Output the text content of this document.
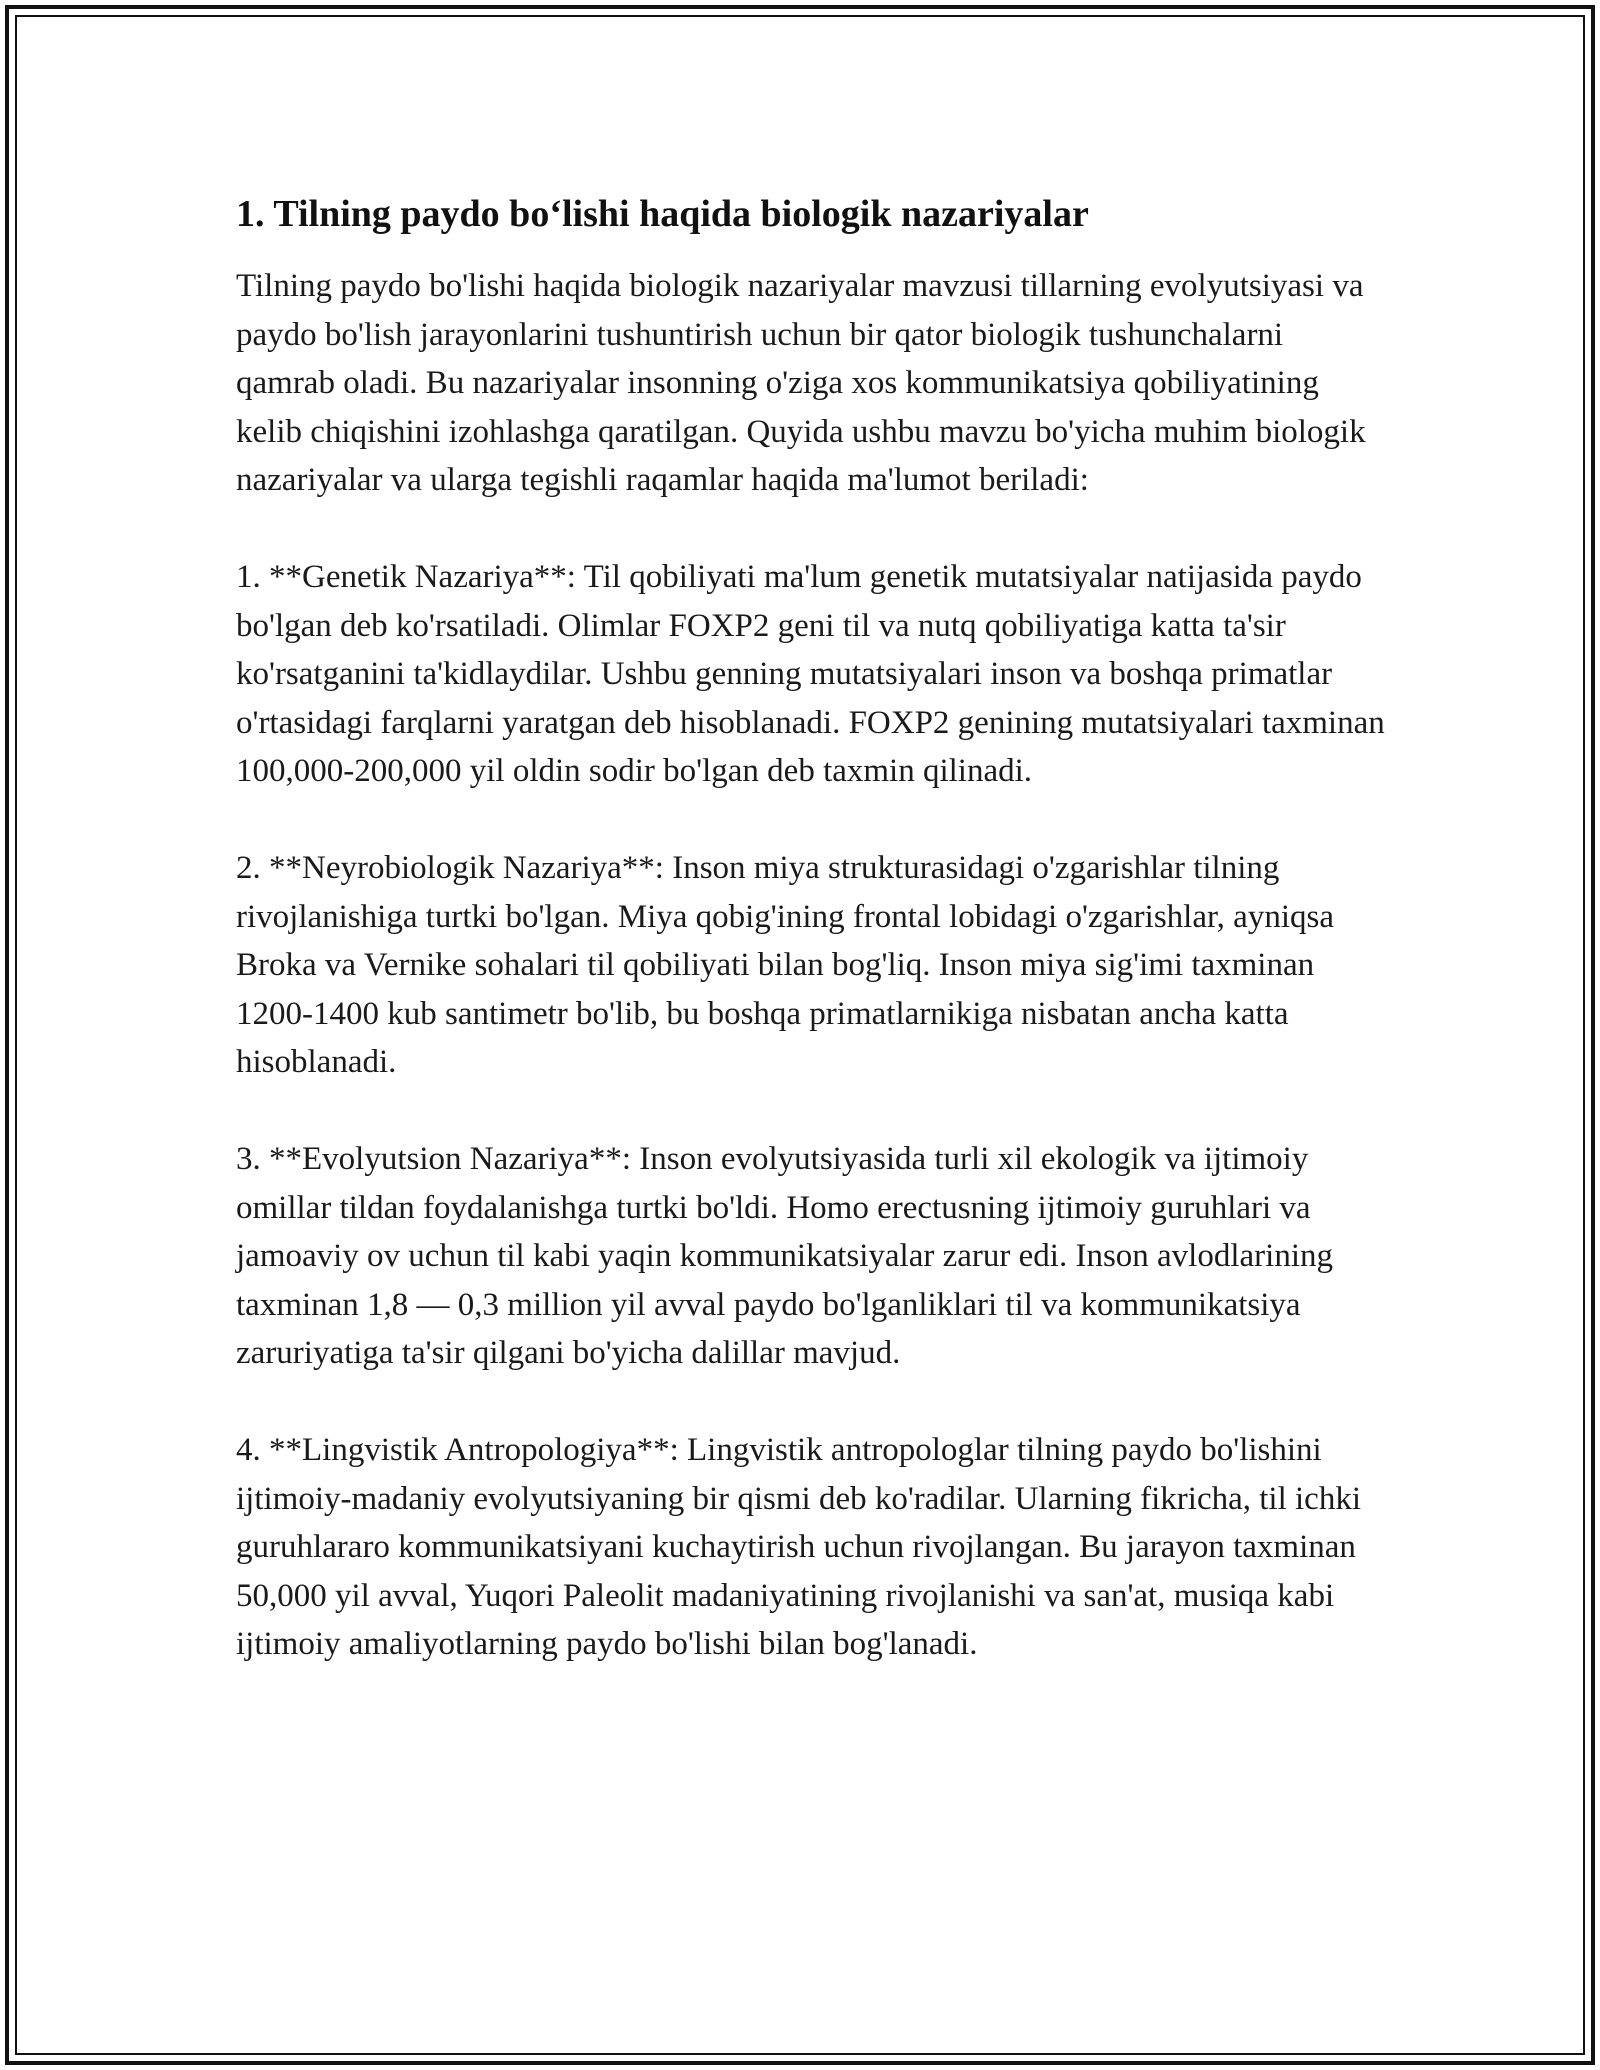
1. Tilning paydo bo‘lishi haqida biologik nazariyalar

Tilning paydo bo'lishi haqida biologik nazariyalar mavzusi tillarning evolyutsiyasi va paydo bo'lish jarayonlarini tushuntirish uchun bir qator biologik tushunchalarni qamrab oladi. Bu nazariyalar insonning o'ziga xos kommunikatsiya qobiliyatining kelib chiqishini izohlashga qaratilgan. Quyida ushbu mavzu bo'yicha muhim biologik nazariyalar va ularga tegishli raqamlar haqida ma'lumot beriladi:

1. **Genetik Nazariya**: Til qobiliyati ma'lum genetik mutatsiyalar natijasida paydo bo'lgan deb ko'rsatiladi. Olimlar FOXP2 geni til va nutq qobiliyatiga katta ta'sir ko'rsatganini ta'kidlaydilar. Ushbu genning mutatsiyalari inson va boshqa primatlar o'rtasidagi farqlarni yaratgan deb hisoblanadi. FOXP2 genining mutatsiyalari taxminan 100,000-200,000 yil oldin sodir bo'lgan deb taxmin qilinadi.

2. **Neyrobiologik Nazariya**: Inson miya strukturasidagi o'zgarishlar tilning rivojlanishiga turtki bo'lgan. Miya qobig'ining frontal lobidagi o'zgarishlar, ayniqsa Broka va Vernike sohalari til qobiliyati bilan bog'liq. Inson miya sig'imi taxminan 1200-1400 kub santimetr bo'lib, bu boshqa primatlarnikiga nisbatan ancha katta hisoblanadi.

3. **Evolyutsion Nazariya**: Inson evolyutsiyasida turli xil ekologik va ijtimoiy omillar tildan foydalanishga turtki bo'ldi. Homo erectusning ijtimoiy guruhlari va jamoaviy ov uchun til kabi yaqin kommunikatsiyalar zarur edi. Inson avlodlarining taxminan 1,8 — 0,3 million yil avval paydo bo'lganliklari til va kommunikatsiya zaruriyatiga ta'sir qilgani bo'yicha dalillar mavjud.

4. **Lingvistik Antropologiya**: Lingvistik antropologlar tilning paydo bo'lishini ijtimoiy-madaniy evolyutsiyaning bir qismi deb ko'radilar. Ularning fikricha, til ichki guruhlararo kommunikatsiyani kuchaytirish uchun rivojlangan. Bu jarayon taxminan 50,000 yil avval, Yuqori Paleolit madaniyatining rivojlanishi va san'at, musiqa kabi ijtimoiy amaliyotlarning paydo bo'lishi bilan bog'lanadi.
